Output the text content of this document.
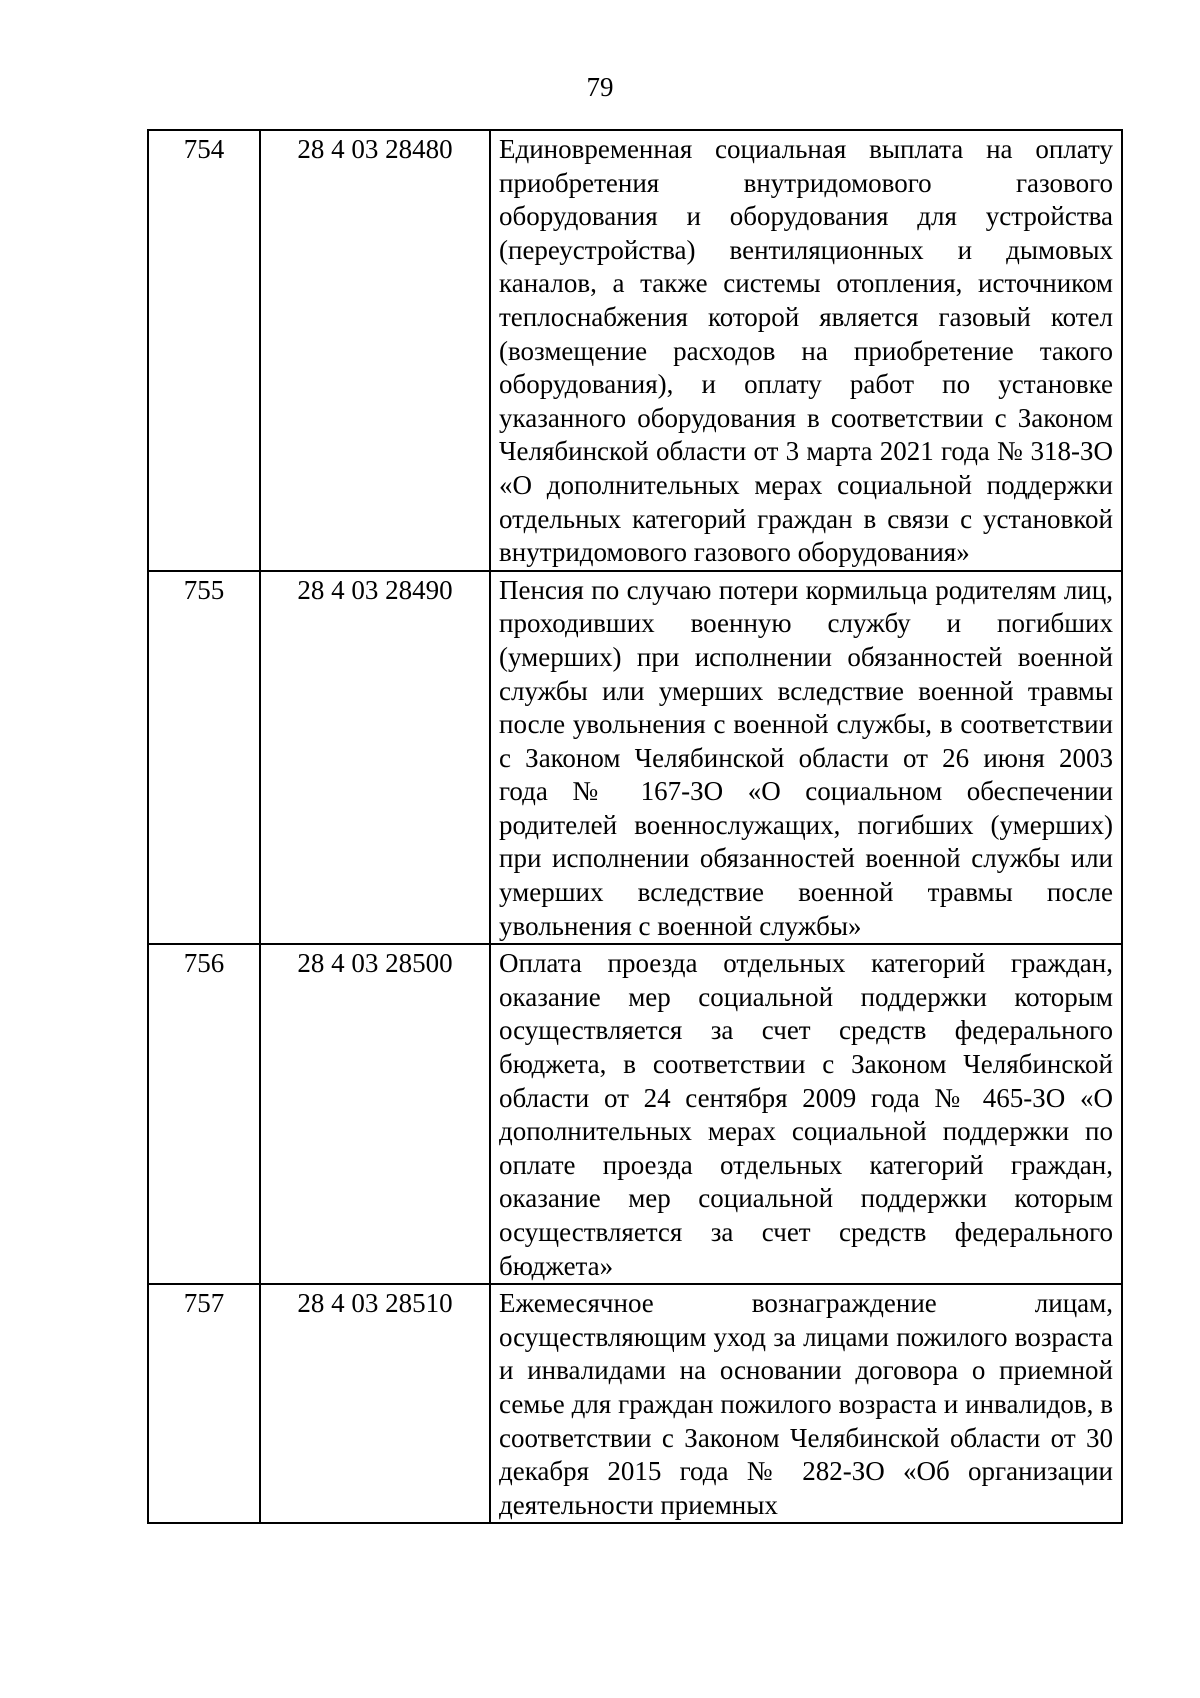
79
754	28 4 03 28480	Единовременная социальная выплата на оплату приобретения внутридомового газового оборудования и оборудования для устройства (переустройства) вентиляционных и дымовых каналов, а также системы отопления, источником теплоснабжения которой является газовый котел (возмещение расходов на приобретение такого оборудования), и оплату работ по установке указанного оборудования в соответствии с Законом Челябинской области от 3 марта 2021 года № 318-ЗО «О дополнительных мерах социальной поддержки отдельных категорий граждан в связи с установкой внутридомового газового оборудования»
755	28 4 03 28490	Пенсия по случаю потери кормильца родителям лиц, проходивших военную службу и погибших (умерших) при исполнении обязанностей военной службы или умерших вследствие военной травмы после увольнения с военной службы, в соответствии с Законом Челябинской области от 26 июня 2003 года № 167-ЗО «О социальном обеспечении родителей военнослужащих, погибших (умерших) при исполнении обязанностей военной службы или умерших вследствие военной травмы после увольнения с военной службы»
756	28 4 03 28500	Оплата проезда отдельных категорий граждан, оказание мер социальной поддержки которым осуществляется за счет средств федерального бюджета, в соответствии с Законом Челябинской области от 24 сентября 2009 года № 465-ЗО «О дополнительных мерах социальной поддержки по оплате проезда отдельных категорий граждан, оказание мер социальной поддержки которым осуществляется за счет средств федерального бюджета»
757	28 4 03 28510	Ежемесячное вознаграждение лицам, осуществляющим уход за лицами пожилого возраста и инвалидами на основании договора о приемной семье для граждан пожилого возраста и инвалидов, в соответствии с Законом Челябинской области от 30 декабря 2015 года № 282-ЗО «Об организации деятельности приемных
